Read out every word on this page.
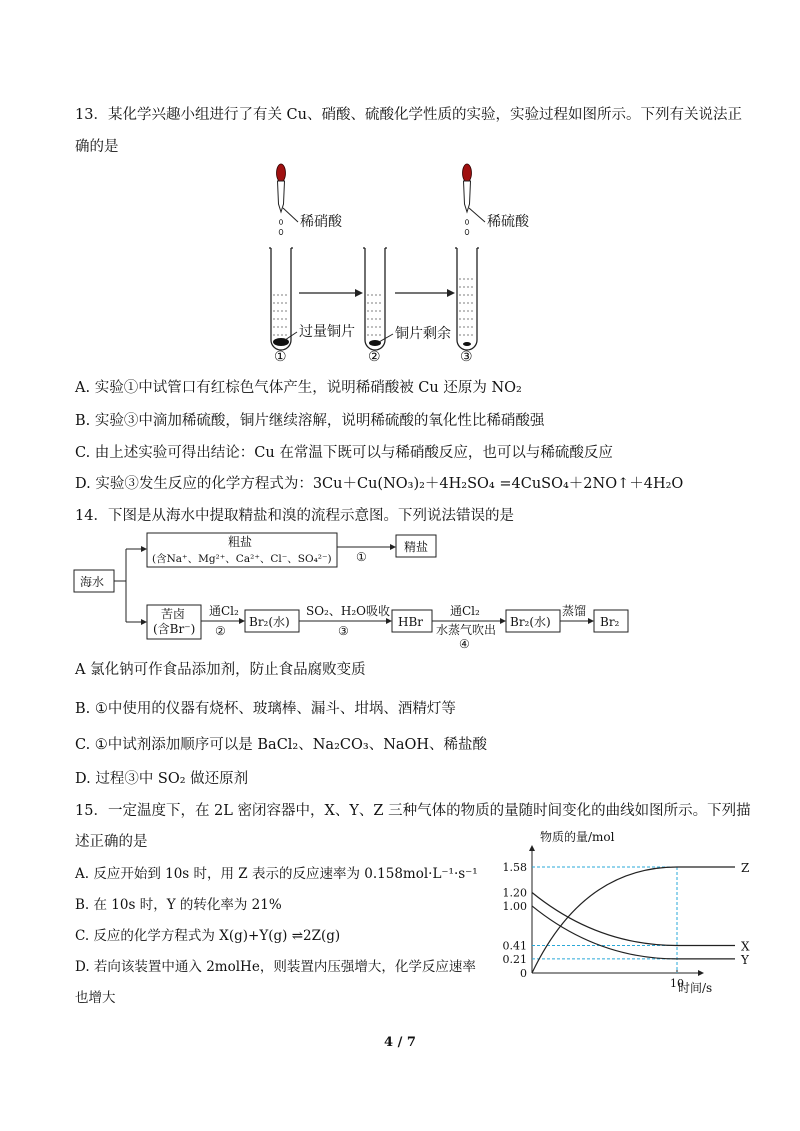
13．某化学兴趣小组进行了有关 Cu、硝酸、硫酸化学性质的实验，实验过程如图所示。下列有关说法正
确的是
稀硝酸	稀硫酸
过量铜片	铜片剩余
①	②	③
A. 实验①中试管口有红棕色气体产生，说明稀硝酸被 Cu 还原为 NO₂
B. 实验③中滴加稀硫酸，铜片继续溶解，说明稀硫酸的氧化性比稀硝酸强
C. 由上述实验可得出结论：Cu 在常温下既可以与稀硝酸反应，也可以与稀硫酸反应
D. 实验③发生反应的化学方程式为：3Cu＋Cu(NO₃)₂＋4H₂SO₄ =4CuSO₄＋2NO↑＋4H₂O
14．下图是从海水中提取精盐和溴的流程示意图。下列说法错误的是
海水
粗盐
(含Na⁺、Mg²⁺、Ca²⁺、Cl⁻、SO₄²⁻) ①
精盐
苦卤
(含Br⁻)
通Cl₂
②
Br₂(水)
SO₂、H₂O吸收
③
HBr
通Cl₂
水蒸气吹出
④
Br₂(水)
蒸馏
Br₂
A 氯化钠可作食品添加剂，防止食品腐败变质
B. ①中使用的仪器有烧杯、玻璃棒、漏斗、坩埚、酒精灯等
C. ①中试剂添加顺序可以是 BaCl₂、Na₂CO₃、NaOH、稀盐酸
D. 过程③中 SO₂ 做还原剂
15．一定温度下，在 2L 密闭容器中，X、Y、Z 三种气体的物质的量随时间变化的曲线如图所示。下列描
述正确的是
A. 反应开始到 10s 时，用 Z 表示的反应速率为 0.158mol·L⁻¹·s⁻¹
B. 在 10s 时，Y 的转化率为 21%
C. 反应的化学方程式为 X(g)+Y(g) ⇌2Z(g)
D. 若向该装置中通入 2molHe，则装置内压强增大，化学反应速率
也增大
物质的量/mol
时间/s
1.58
1.20
1.00
0.41
0.21
0
10
Z
X
Y
4 / 7
